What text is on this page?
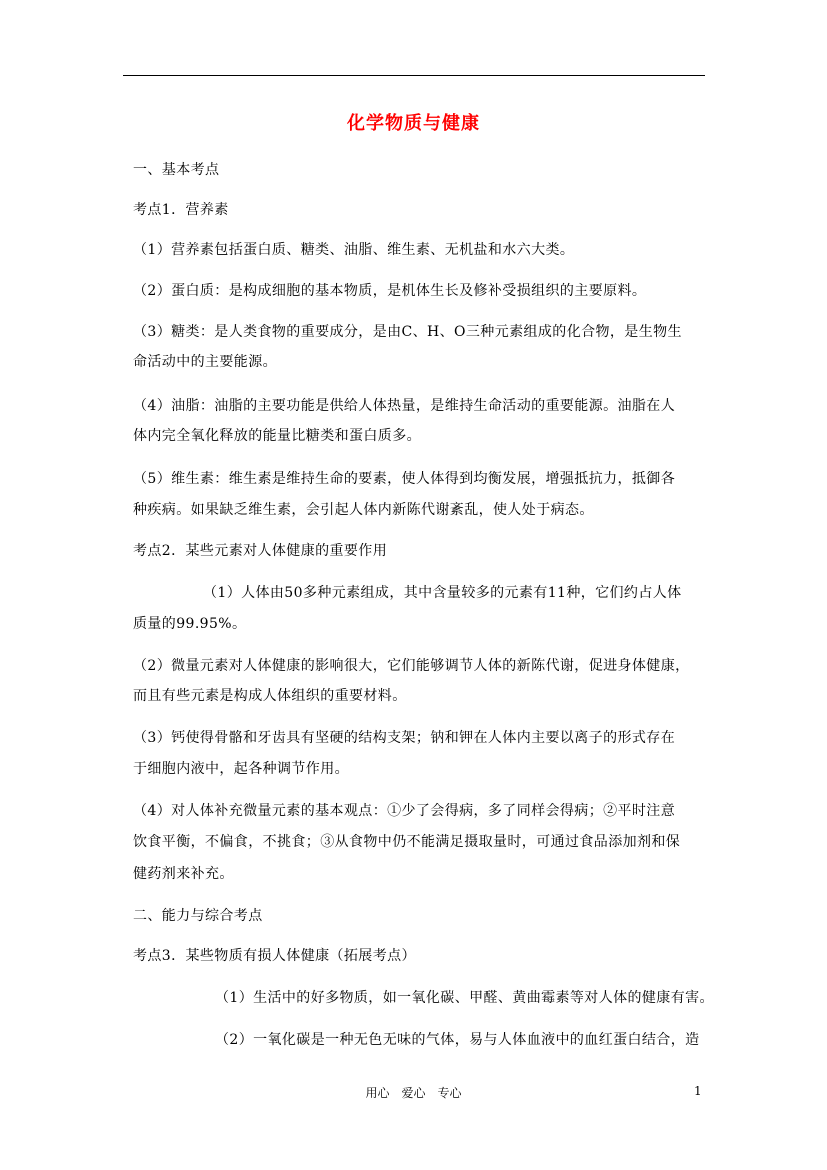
化学物质与健康
一、基本考点
考点1．营养素
（1）营养素包括蛋白质、糖类、油脂、维生素、无机盐和水六大类。
（2）蛋白质：是构成细胞的基本物质，是机体生长及修补受损组织的主要原料。
（3）糖类：是人类食物的重要成分，是由C、H、O三种元素组成的化合物，是生物生
命活动中的主要能源。
（4）油脂：油脂的主要功能是供给人体热量，是维持生命活动的重要能源。油脂在人
体内完全氧化释放的能量比糖类和蛋白质多。
（5）维生素：维生素是维持生命的要素，使人体得到均衡发展，增强抵抗力，抵御各
种疾病。如果缺乏维生素，会引起人体内新陈代谢紊乱，使人处于病态。
考点2．某些元素对人体健康的重要作用
（1）人体由50多种元素组成，其中含量较多的元素有11种，它们约占人体
质量的99.95%。
（2）微量元素对人体健康的影响很大，它们能够调节人体的新陈代谢，促进身体健康，
而且有些元素是构成人体组织的重要材料。
（3）钙使得骨骼和牙齿具有坚硬的结构支架；钠和钾在人体内主要以离子的形式存在
于细胞内液中，起各种调节作用。
（4）对人体补充微量元素的基本观点：①少了会得病，多了同样会得病；②平时注意
饮食平衡，不偏食，不挑食；③从食物中仍不能满足摄取量时，可通过食品添加剂和保
健药剂来补充。
二、能力与综合考点
考点3．某些物质有损人体健康（拓展考点）
（1）生活中的好多物质，如一氧化碳、甲醛、黄曲霉素等对人体的健康有害。
（2）一氧化碳是一种无色无味的气体，易与人体血液中的血红蛋白结合，造
用心　爱心　专心	1
